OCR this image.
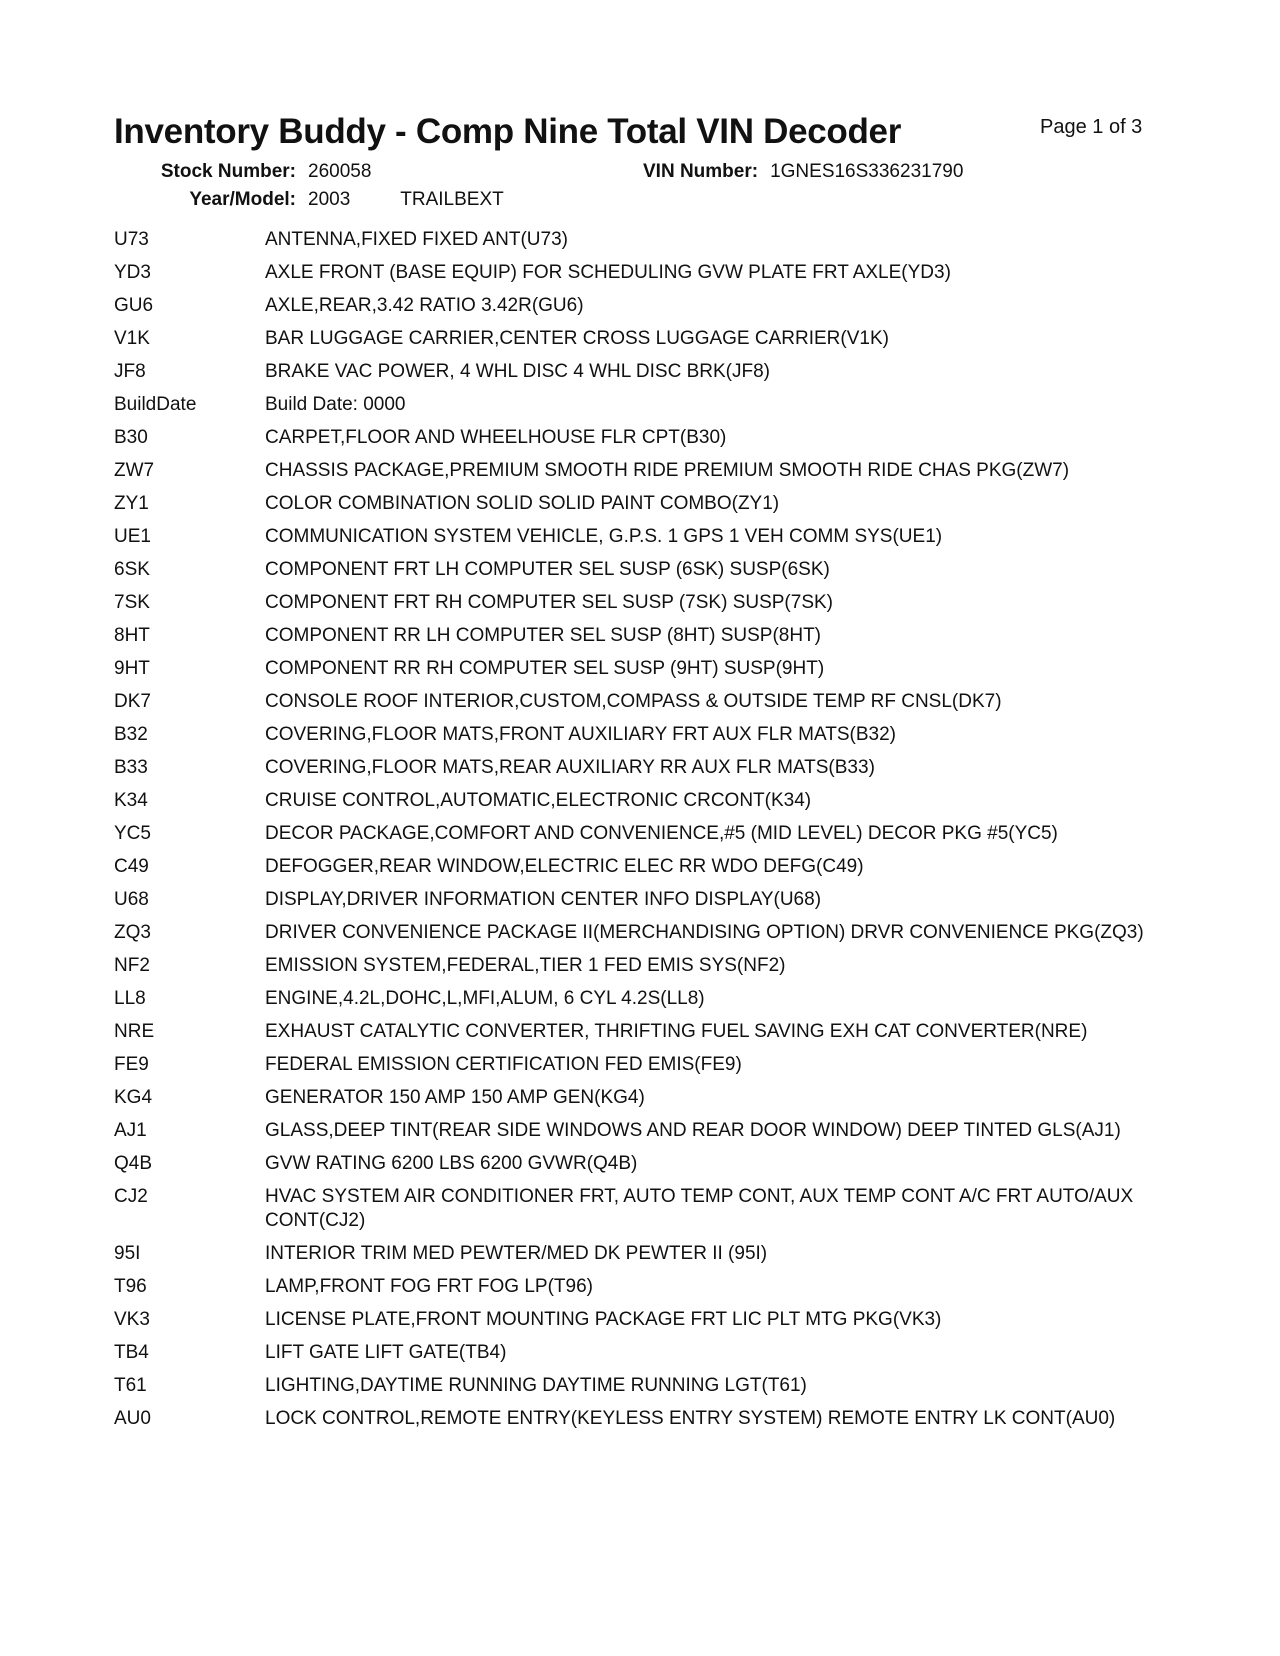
Inventory Buddy - Comp Nine Total VIN Decoder	Page 1 of 3
Stock Number: 260058	VIN Number: 1GNES16S336231790
Year/Model: 2003	TRAILBEXT
U73	ANTENNA,FIXED FIXED ANT(U73)
YD3	AXLE FRONT (BASE EQUIP) FOR SCHEDULING GVW PLATE FRT AXLE(YD3)
GU6	AXLE,REAR,3.42 RATIO 3.42R(GU6)
V1K	BAR LUGGAGE CARRIER,CENTER CROSS LUGGAGE CARRIER(V1K)
JF8	BRAKE VAC POWER, 4 WHL DISC 4 WHL DISC BRK(JF8)
BuildDate	Build Date: 0000
B30	CARPET,FLOOR AND WHEELHOUSE FLR CPT(B30)
ZW7	CHASSIS PACKAGE,PREMIUM SMOOTH RIDE PREMIUM SMOOTH RIDE CHAS PKG(ZW7)
ZY1	COLOR COMBINATION SOLID SOLID PAINT COMBO(ZY1)
UE1	COMMUNICATION SYSTEM VEHICLE, G.P.S. 1 GPS 1 VEH COMM SYS(UE1)
6SK	COMPONENT FRT LH COMPUTER SEL SUSP (6SK) SUSP(6SK)
7SK	COMPONENT FRT RH COMPUTER SEL SUSP (7SK) SUSP(7SK)
8HT	COMPONENT RR LH COMPUTER SEL SUSP (8HT) SUSP(8HT)
9HT	COMPONENT RR RH COMPUTER SEL SUSP (9HT) SUSP(9HT)
DK7	CONSOLE ROOF INTERIOR,CUSTOM,COMPASS & OUTSIDE TEMP RF CNSL(DK7)
B32	COVERING,FLOOR MATS,FRONT AUXILIARY FRT AUX FLR MATS(B32)
B33	COVERING,FLOOR MATS,REAR AUXILIARY RR AUX FLR MATS(B33)
K34	CRUISE CONTROL,AUTOMATIC,ELECTRONIC CRCONT(K34)
YC5	DECOR PACKAGE,COMFORT AND CONVENIENCE,#5 (MID LEVEL) DECOR PKG #5(YC5)
C49	DEFOGGER,REAR WINDOW,ELECTRIC ELEC RR WDO DEFG(C49)
U68	DISPLAY,DRIVER INFORMATION CENTER INFO DISPLAY(U68)
ZQ3	DRIVER CONVENIENCE PACKAGE II(MERCHANDISING OPTION) DRVR CONVENIENCE PKG(ZQ3)
NF2	EMISSION SYSTEM,FEDERAL,TIER 1 FED EMIS SYS(NF2)
LL8	ENGINE,4.2L,DOHC,L,MFI,ALUM, 6 CYL 4.2S(LL8)
NRE	EXHAUST CATALYTIC CONVERTER, THRIFTING FUEL SAVING EXH CAT CONVERTER(NRE)
FE9	FEDERAL EMISSION CERTIFICATION FED EMIS(FE9)
KG4	GENERATOR 150 AMP 150 AMP GEN(KG4)
AJ1	GLASS,DEEP TINT(REAR SIDE WINDOWS AND REAR DOOR WINDOW) DEEP TINTED GLS(AJ1)
Q4B	GVW RATING 6200 LBS 6200 GVWR(Q4B)
CJ2	HVAC SYSTEM AIR CONDITIONER FRT, AUTO TEMP CONT, AUX TEMP CONT A/C FRT AUTO/AUX CONT(CJ2)
95I	INTERIOR TRIM MED PEWTER/MED DK PEWTER II (95I)
T96	LAMP,FRONT FOG FRT FOG LP(T96)
VK3	LICENSE PLATE,FRONT MOUNTING PACKAGE FRT LIC PLT MTG PKG(VK3)
TB4	LIFT GATE LIFT GATE(TB4)
T61	LIGHTING,DAYTIME RUNNING DAYTIME RUNNING LGT(T61)
AU0	LOCK CONTROL,REMOTE ENTRY(KEYLESS ENTRY SYSTEM) REMOTE ENTRY LK CONT(AU0)
